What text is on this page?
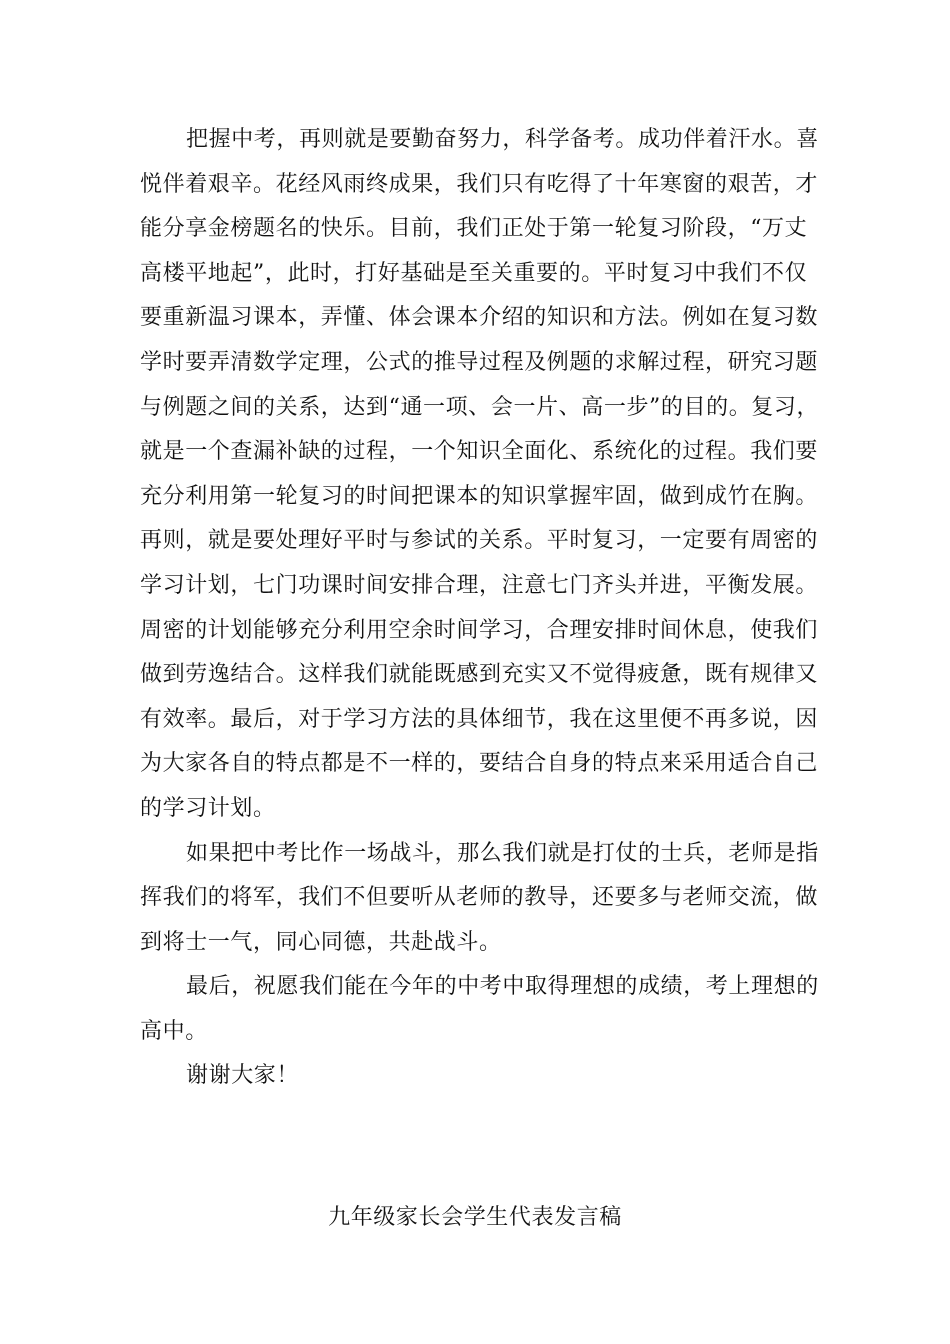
把握中考，再则就是要勤奋努力，科学备考。成功伴着汗水。喜
悦伴着艰辛。花经风雨终成果，我们只有吃得了十年寒窗的艰苦，才
能分享金榜题名的快乐。目前，我们正处于第一轮复习阶段，“万丈
高楼平地起”，此时，打好基础是至关重要的。平时复习中我们不仅
要重新温习课本，弄懂、体会课本介绍的知识和方法。例如在复习数
学时要弄清数学定理，公式的推导过程及例题的求解过程，研究习题
与例题之间的关系，达到“通一项、会一片、高一步”的目的。复习，
就是一个查漏补缺的过程，一个知识全面化、系统化的过程。我们要
充分利用第一轮复习的时间把课本的知识掌握牢固，做到成竹在胸。
再则，就是要处理好平时与参试的关系。平时复习，一定要有周密的
学习计划，七门功课时间安排合理，注意七门齐头并进，平衡发展。
周密的计划能够充分利用空余时间学习，合理安排时间休息，使我们
做到劳逸结合。这样我们就能既感到充实又不觉得疲惫，既有规律又
有效率。最后，对于学习方法的具体细节，我在这里便不再多说，因
为大家各自的特点都是不一样的，要结合自身的特点来采用适合自己
的学习计划。
如果把中考比作一场战斗，那么我们就是打仗的士兵，老师是指
挥我们的将军，我们不但要听从老师的教导，还要多与老师交流，做
到将士一气，同心同德，共赴战斗。
最后，祝愿我们能在今年的中考中取得理想的成绩，考上理想的
高中。
谢谢大家！
九年级家长会学生代表发言稿
